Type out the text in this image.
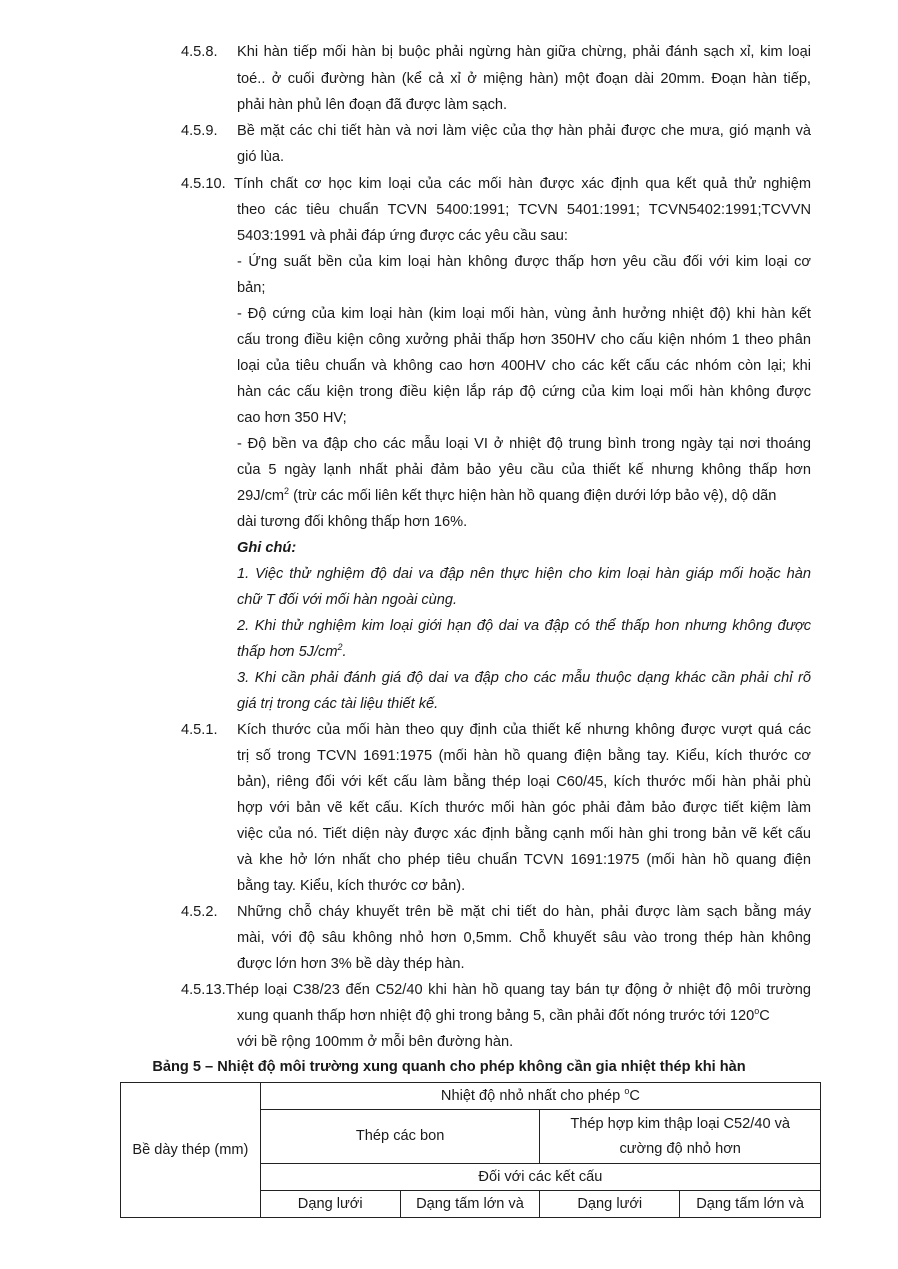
4.5.8. Khi hàn tiếp mối hàn bị buộc phải ngừng hàn giữa chừng, phải đánh sạch xỉ, kim loại
toé.. ở cuối đường hàn (kể cả xỉ ở miệng hàn) một đoạn dài 20mm. Đoạn hàn tiếp,
phải hàn phủ lên đoạn đã được làm sạch.
4.5.9. Bề mặt các chi tiết hàn và nơi làm việc của thợ hàn phải được che mưa, gió mạnh và
gió lùa.
4.5.10. Tính chất cơ học kim loại của các mối hàn được xác định qua kết quả thử nghiệm
theo các tiêu chuẩn TCVN 5400:1991; TCVN 5401:1991; TCVN5402:1991;TCVVN
5403:1991 và phải đáp ứng được các yêu cầu sau:
- Ứng suất bền của kim loại hàn không được thấp hơn yêu cầu đối với kim loại cơ
bản;
- Độ cứng của kim loại hàn (kim loại mối hàn, vùng ảnh hưởng nhiệt độ) khi hàn kết
cấu trong điều kiện công xưởng phải thấp hơn 350HV cho cấu kiện nhóm 1 theo phân
loại của tiêu chuẩn và không cao hơn 400HV cho các kết cấu các nhóm còn lại; khi
hàn các cấu kiện trong điều kiện lắp ráp độ cứng của kim loại mối hàn không được
cao hơn 350 HV;
- Độ bền va đập cho các mẫu loại VI ở nhiệt độ trung bình trong ngày tại nơi thoáng
của 5 ngày lạnh nhất phải đảm bảo yêu cầu của thiết kế nhưng không thấp hơn
$29J/cm^2$ (trừ các mối liên kết thực hiện hàn hồ quang điện dưới lớp bảo vệ), dộ dãn
dài tương đối không thấp hơn 16%.
Ghi chú:
1. Việc thử nghiệm độ dai va đập nên thực hiện cho kim loại hàn giáp mối hoặc hàn
chữ T đối với mối hàn ngoài cùng.
2. Khi thử nghiệm kim loại giới hạn độ dai va đập có thể thấp hon nhưng không được
thấp hơn $5J/cm^2$.
3. Khi cần phải đánh giá độ dai va đập cho các mẫu thuộc dạng khác cần phải chỉ rõ
giá trị trong các tài liệu thiết kế.
4.5.1. Kích thước của mối hàn theo quy định của thiết kế nhưng không được vượt quá các
trị số trong TCVN 1691:1975 (mối hàn hồ quang điện bằng tay. Kiểu, kích thước cơ
bản), riêng đối với kết cấu làm bằng thép loại C60/45, kích thước mối hàn phải phù
hợp với bản vẽ kết cấu. Kích thước mối hàn góc phải đảm bảo được tiết kiệm làm
việc của nó. Tiết diện này được xác định bằng cạnh mối hàn ghi trong bản vẽ kết cấu
và khe hở lớn nhất cho phép tiêu chuẩn TCVN 1691:1975 (mối hàn hồ quang điện
bằng tay. Kiểu, kích thước cơ bản).
4.5.2. Những chỗ cháy khuyết trên bề mặt chi tiết do hàn, phải được làm sạch bằng máy
mài, với độ sâu không nhỏ hơn 0,5mm. Chỗ khuyết sâu vào trong thép hàn không
được lớn hơn 3% bề dày thép hàn.
4.5.13.Thép loại C38/23 đến C52/40 khi hàn hồ quang tay bán tự động ở nhiệt độ môi trường
xung quanh thấp hơn nhiệt độ ghi trong bảng 5, cần phải đốt nóng trước tới 120$^o$C
với bề rộng 100mm ở mỗi bên đường hàn.
Bảng 5 – Nhiệt độ môi trường xung quanh cho phép không cần gia nhiệt thép khi hàn
Bề dày thép (mm)	Nhiệt độ nhỏ nhất cho phép $^o$C			
	Thép các bon		Thép hợp kim thập loại C52/40 và
cường độ nhỏ hơn	

	Đối với các kết cấu			
	Dạng lưới	Dạng tấm lớn và	Dạng lưới	Dạng tấm lớn và
